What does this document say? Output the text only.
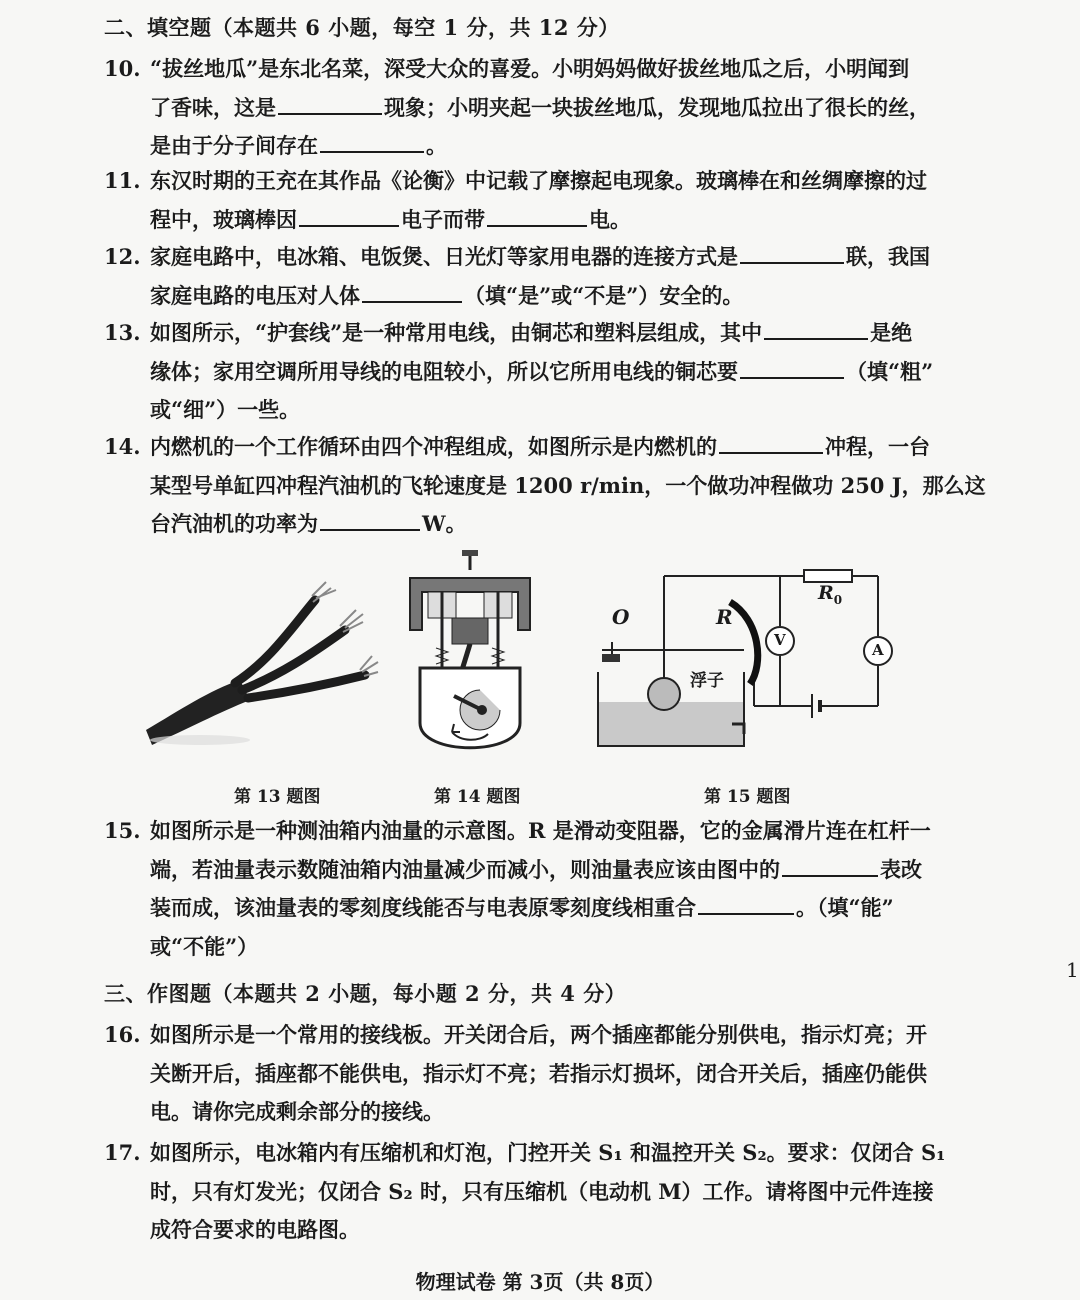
二、填空题（本题共 6 小题，每空 1 分，共 12 分）
10. “拔丝地瓜”是东北名菜，深受大众的喜爱。小明妈妈做好拔丝地瓜之后，小明闻到
了香味，这是	现象；小明夹起一块拔丝地瓜，发现地瓜拉出了很长的丝，
是由于分子间存在	。
11. 东汉时期的王充在其作品《论衡》中记载了摩擦起电现象。玻璃棒在和丝绸摩擦的过
程中，玻璃棒因	电子而带	电。
12. 家庭电路中，电冰箱、电饭煲、日光灯等家用电器的连接方式是	联，我国
家庭电路的电压对人体	（填“是”或“不是”）安全的。
13. 如图所示，“护套线”是一种常用电线，由铜芯和塑料层组成，其中	是绝
缘体；家用空调所用导线的电阻较小，所以它所用电线的铜芯要	（填“粗”
或“细”）一些。
14. 内燃机的一个工作循环由四个冲程组成，如图所示是内燃机的	冲程，一台
某型号单缸四冲程汽油机的飞轮速度是 1200 r/min，一个做功冲程做功 250 J，那么这
台汽油机的功率为	W。
第 13 题图	第 14 题图
O	R
$R_0$
V
A
浮子
第 15 题图
15. 如图所示是一种测油箱内油量的示意图。R 是滑动变阻器，它的金属滑片连在杠杆一
端，若油量表示数随油箱内油量减少而减小，则油量表应该由图中的	表改
装而成，该油量表的零刻度线能否与电表原零刻度线相重合	。（填“能”
或“不能”）
三、作图题（本题共 2 小题，每小题 2 分，共 4 分）
16. 如图所示是一个常用的接线板。开关闭合后，两个插座都能分别供电，指示灯亮；开
关断开后，插座都不能供电，指示灯不亮；若指示灯损坏，闭合开关后，插座仍能供
电。请你完成剩余部分的接线。
17. 如图所示，电冰箱内有压缩机和灯泡，门控开关 S₁ 和温控开关 S₂。要求：仅闭合 S₁
时，只有灯发光；仅闭合 S₂ 时，只有压缩机（电动机 M）工作。请将图中元件连接
成符合要求的电路图。
物理试卷 第 3页（共 8页）
1
